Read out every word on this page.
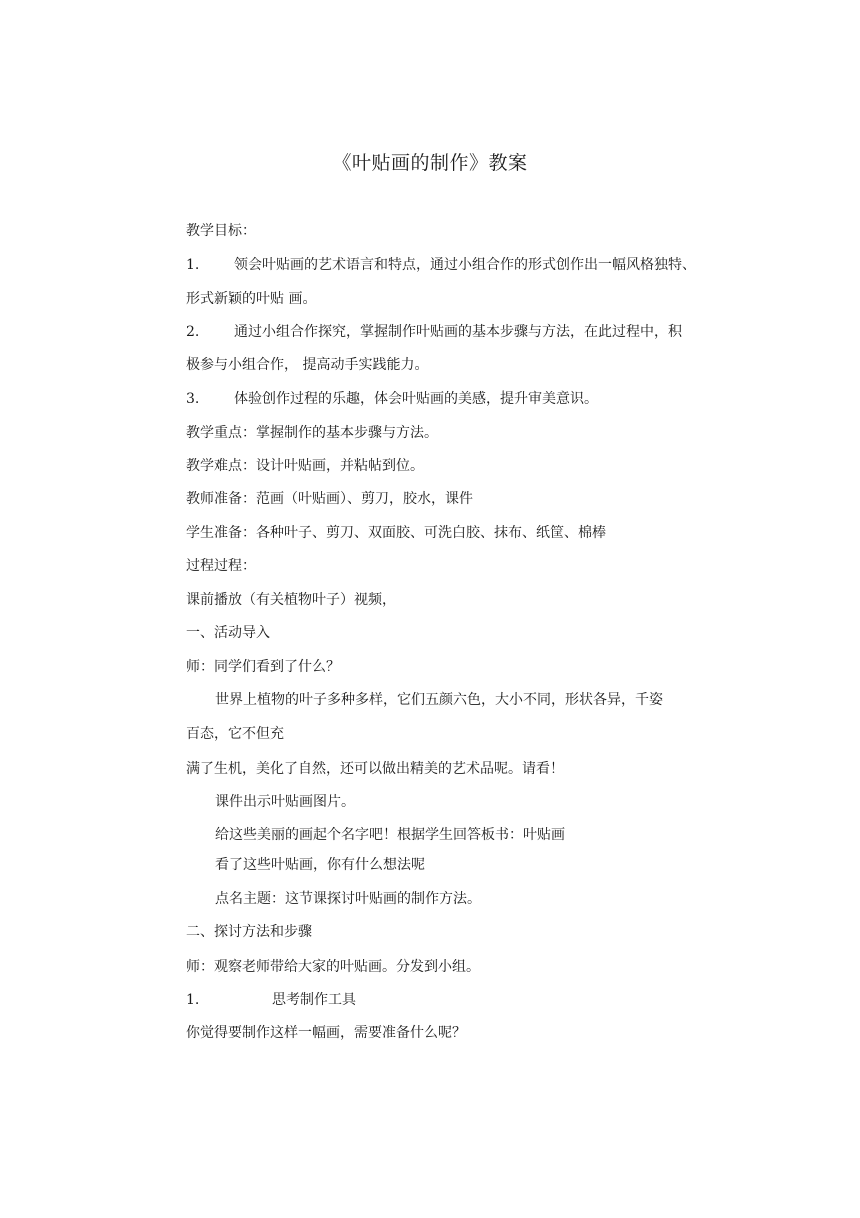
《叶贴画的制作》教案
教学目标：
1. 领会叶贴画的艺术语言和特点，通过小组合作的形式创作出一幅风格独特、
形式新颖的叶贴 画。
2. 通过小组合作探究，掌握制作叶贴画的基本步骤与方法，在此过程中，积
极参与小组合作， 提高动手实践能力。
3. 体验创作过程的乐趣，体会叶贴画的美感，提升审美意识。
教学重点：掌握制作的基本步骤与方法。
教学难点：设计叶贴画，并粘帖到位。
教师准备：范画（叶贴画）、剪刀，胶水，课件
学生准备：各种叶子、剪刀、双面胶、可洗白胶、抹布、纸筐、棉棒
过程过程：
课前播放（有关植物叶子）视频，
一、活动导入
师：同学们看到了什么？
世界上植物的叶子多种多样，它们五颜六色，大小不同，形状各异，千姿
百态，它不但充
满了生机，美化了自然，还可以做出精美的艺术品呢。请看！
课件出示叶贴画图片。
给这些美丽的画起个名字吧！根据学生回答板书：叶贴画
看了这些叶贴画，你有什么想法呢
点名主题：这节课探讨叶贴画的制作方法。
二、探讨方法和步骤
师：观察老师带给大家的叶贴画。分发到小组。
1.	思考制作工具
你觉得要制作这样一幅画，需要准备什么呢？
